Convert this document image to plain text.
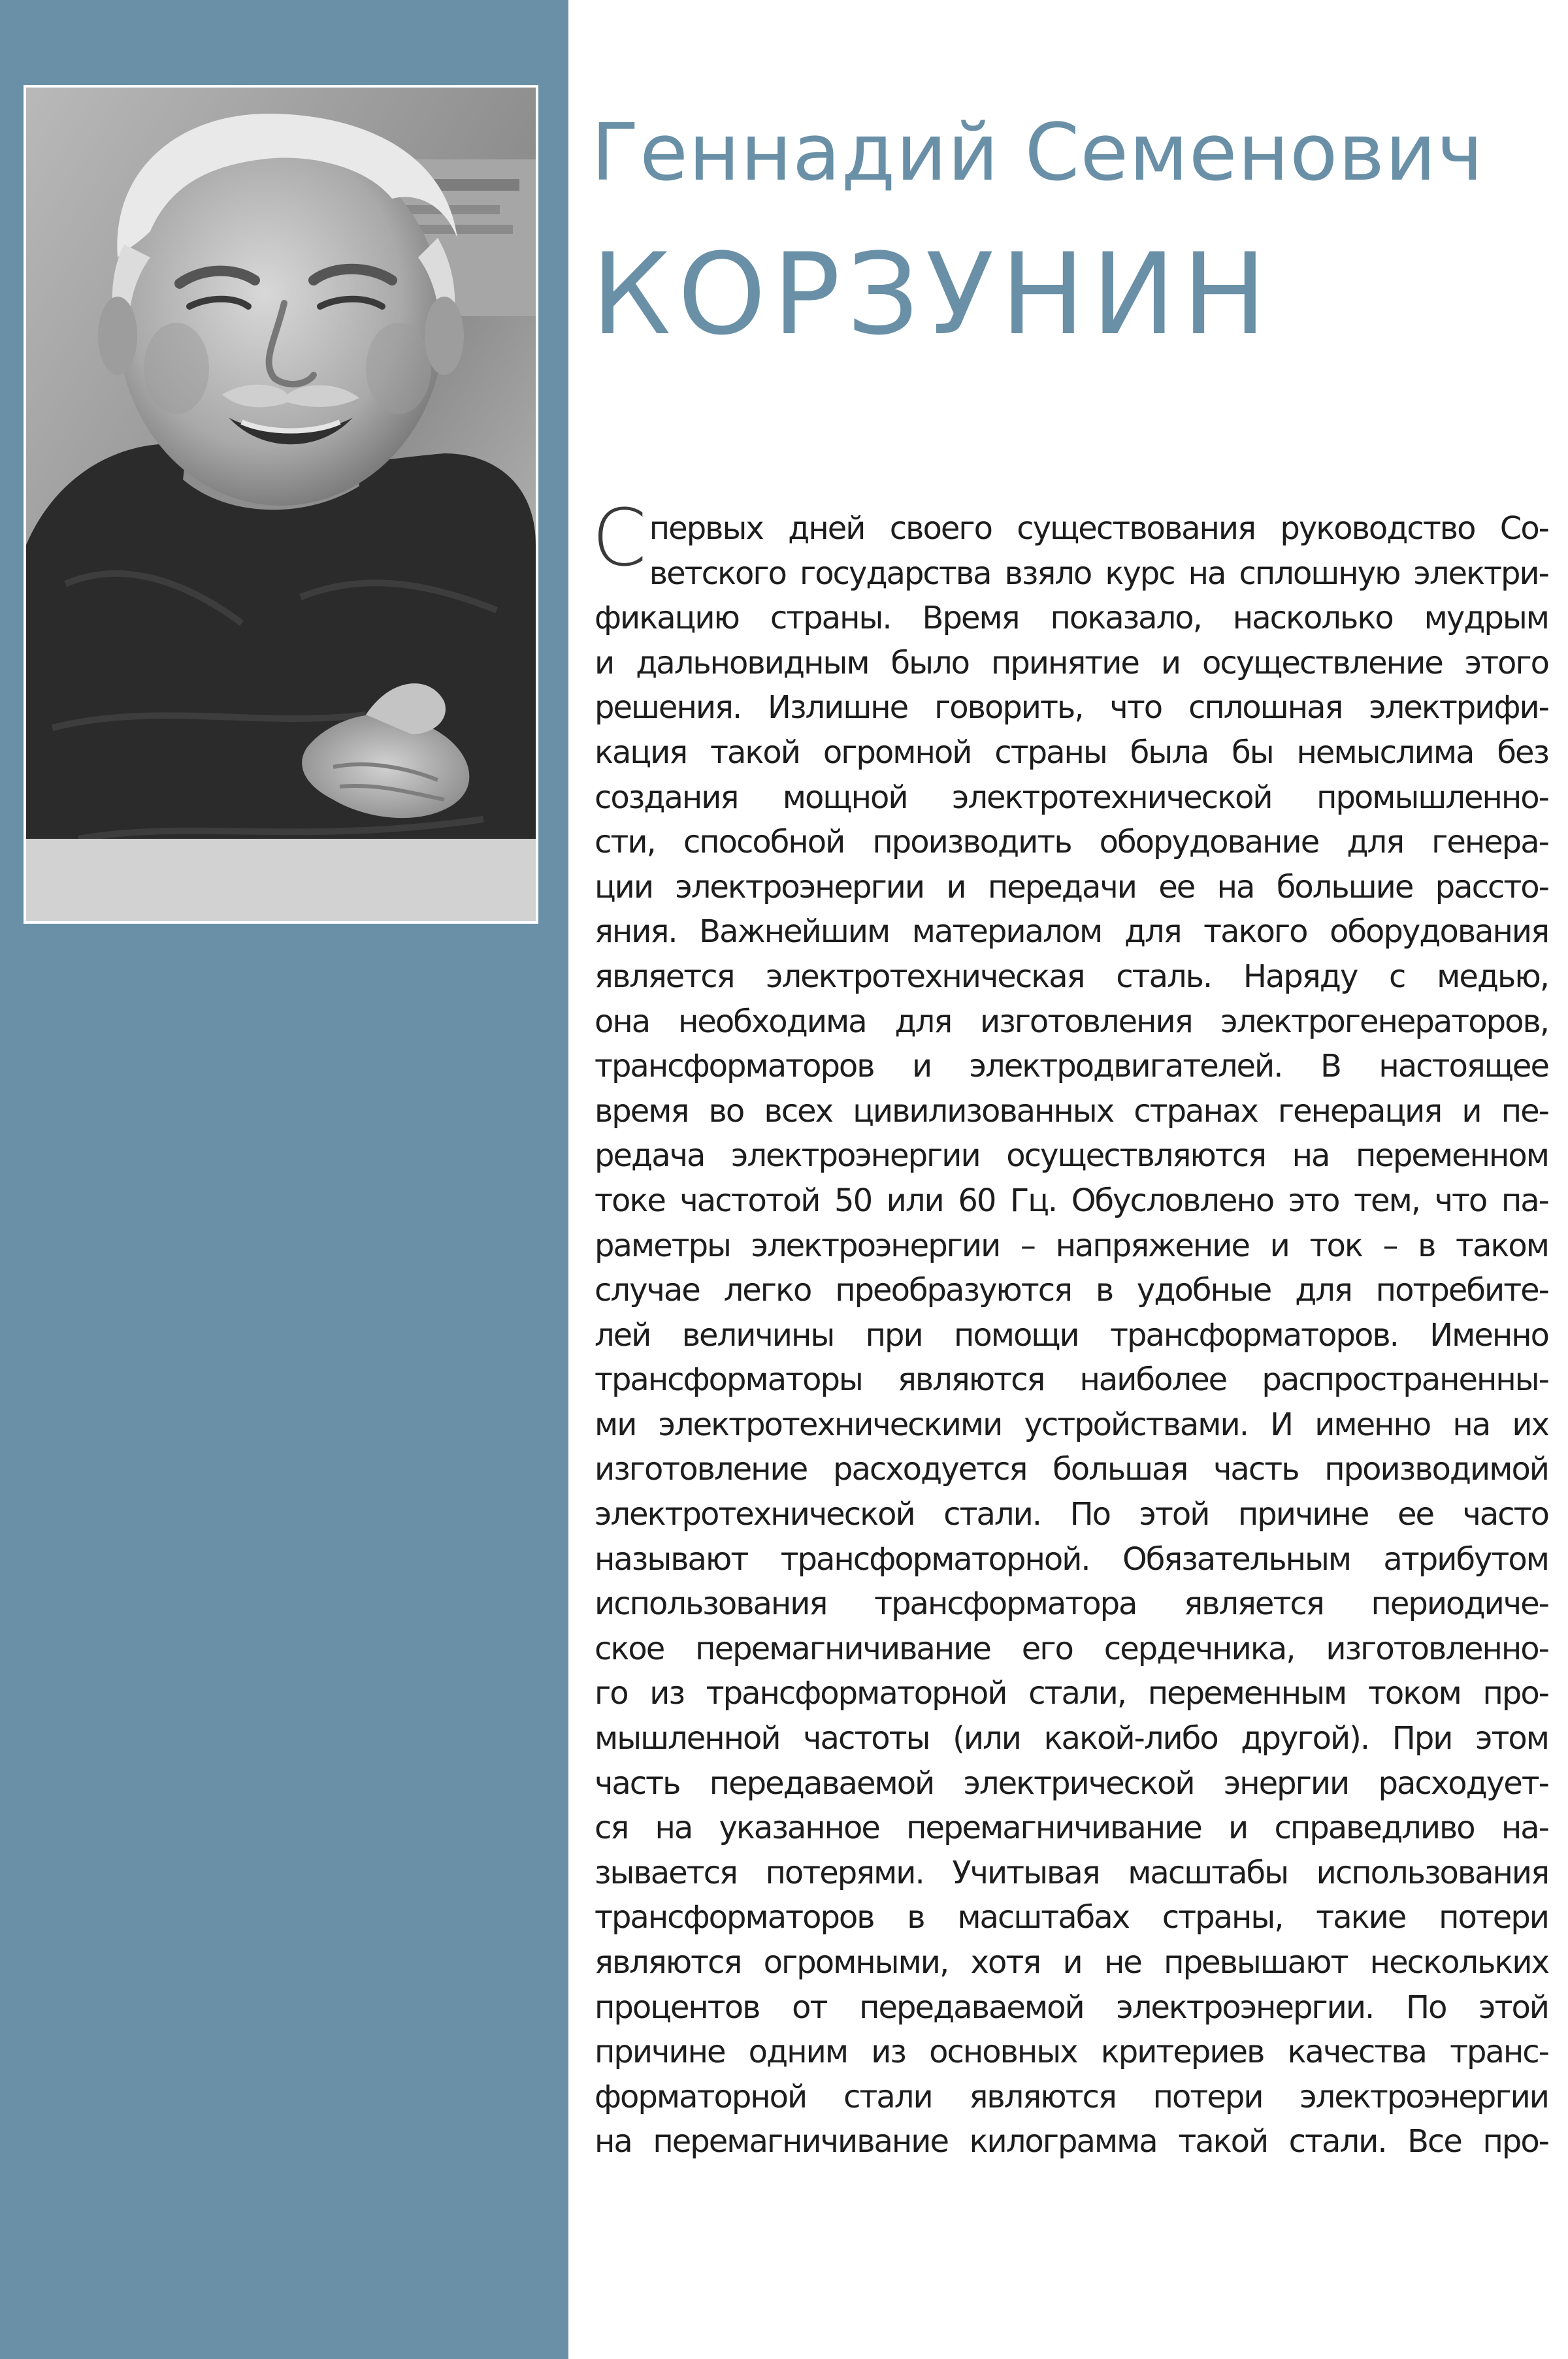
Геннадий Семенович
КОРЗУНИН
С первых дней своего существования руководство Со-
ветского государства взяло курс на сплошную электри-
фикацию страны. Время показало, насколько мудрым
и дальновидным было принятие и осуществление этого
решения. Излишне говорить, что сплошная электрифи-
кация такой огромной страны была бы немыслима без
создания мощной электротехнической промышленно-
сти, способной производить оборудование для генера-
ции электроэнергии и передачи ее на большие рассто-
яния. Важнейшим материалом для такого оборудования
является электротехническая сталь. Наряду с медью,
она необходима для изготовления электрогенераторов,
трансформаторов и электродвигателей. В настоящее
время во всех цивилизованных странах генерация и пе-
редача электроэнергии осуществляются на переменном
токе частотой 50 или 60 Гц. Обусловлено это тем, что па-
раметры электроэнергии – напряжение и ток – в таком
случае легко преобразуются в удобные для потребите-
лей величины при помощи трансформаторов. Именно
трансформаторы являются наиболее распространенны-
ми электротехническими устройствами. И именно на их
изготовление расходуется большая часть производимой
электротехнической стали. По этой причине ее часто
называют трансформаторной. Обязательным атрибутом
использования трансформатора является периодиче-
ское перемагничивание его сердечника, изготовленно-
го из трансформаторной стали, переменным током про-
мышленной частоты (или какой-либо другой). При этом
часть передаваемой электрической энергии расходует-
ся на указанное перемагничивание и справедливо на-
зывается потерями. Учитывая масштабы использования
трансформаторов в масштабах страны, такие потери
являются огромными, хотя и не превышают нескольких
процентов от передаваемой электроэнергии. По этой
причине одним из основных критериев качества транс-
форматорной стали являются потери электроэнергии
на перемагничивание килограмма такой стали. Все про-
